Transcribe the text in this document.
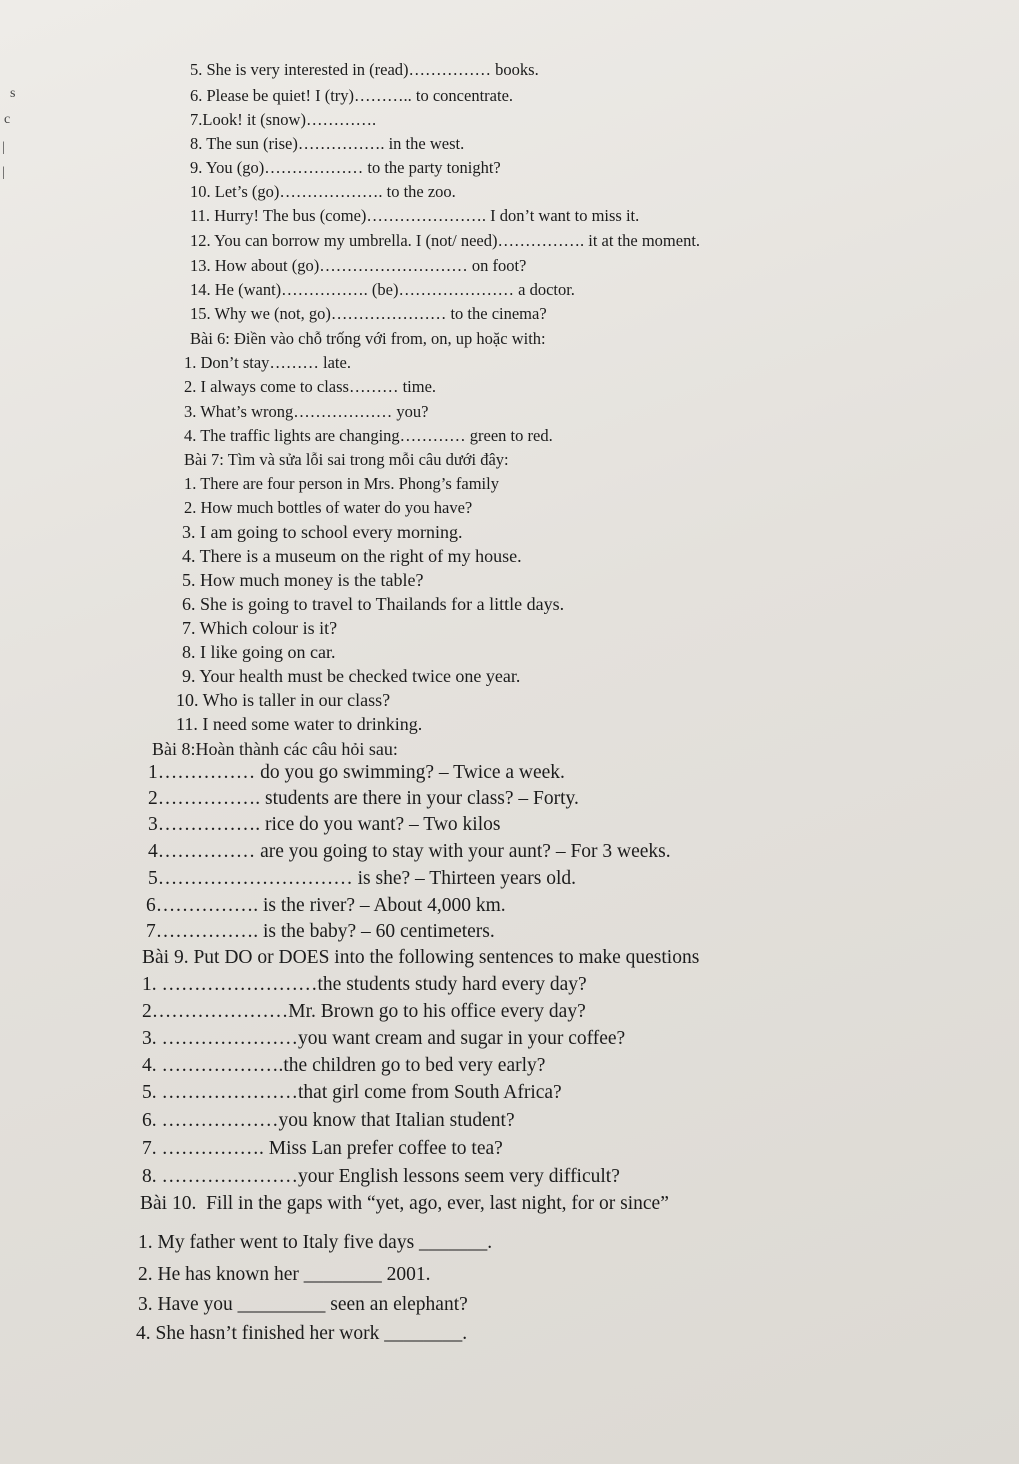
s
c
|
|
5. She is very interested in (read)…………… books.
6. Please be quiet! I (try)……….. to concentrate.
7.Look! it (snow)………….
8. The sun (rise)……………. in the west.
9. You (go)……………… to the party tonight?
10. Let’s (go)………………. to the zoo.
11. Hurry! The bus (come)…………………. I don’t want to miss it.
12. You can borrow my umbrella. I (not/ need)……………. it at the moment.
13. How about (go)……………………… on foot?
14. He (want)……………. (be)………………… a doctor.
15. Why we (not, go)………………… to the cinema?
Bài 6: Điền vào chỗ trống với from, on, up hoặc with:
1. Don’t stay……… late.
2. I always come to class……… time.
3. What’s wrong……………… you?
4. The traffic lights are changing………… green to red.
Bài 7: Tìm và sửa lỗi sai trong mỗi câu dưới đây:
1. There are four person in Mrs. Phong’s family
2. How much bottles of water do you have?
3. I am going to school every morning.
4. There is a museum on the right of my house.
5. How much money is the table?
6. She is going to travel to Thailands for a little days.
7. Which colour is it?
8. I like going on car.
9. Your health must be checked twice one year.
10. Who is taller in our class?
11. I need some water to drinking.
Bài 8:Hoàn thành các câu hỏi sau:
1…………… do you go swimming? – Twice a week.
2……………. students are there in your class? – Forty.
3……………. rice do you want? – Two kilos
4…………… are you going to stay with your aunt? – For 3 weeks.
5………………………… is she? – Thirteen years old.
6……………. is the river? – About 4,000 km.
7……………. is the baby? – 60 centimeters.
Bài 9. Put DO or DOES into the following sentences to make questions
1. ……………………the students study hard every day?
2…………………Mr. Brown go to his office every day?
3. …………………you want cream and sugar in your coffee?
4. ……………….the children go to bed very early?
5. …………………that girl come from South Africa?
6. ………………you know that Italian student?
7. ……………. Miss Lan prefer coffee to tea?
8. …………………your English lessons seem very difficult?
Bài 10.  Fill in the gaps with “yet, ago, ever, last night, for or since”
1. My father went to Italy five days _______.
2. He has known her ________ 2001.
3. Have you _________ seen an elephant?
4. She hasn’t finished her work ________.
